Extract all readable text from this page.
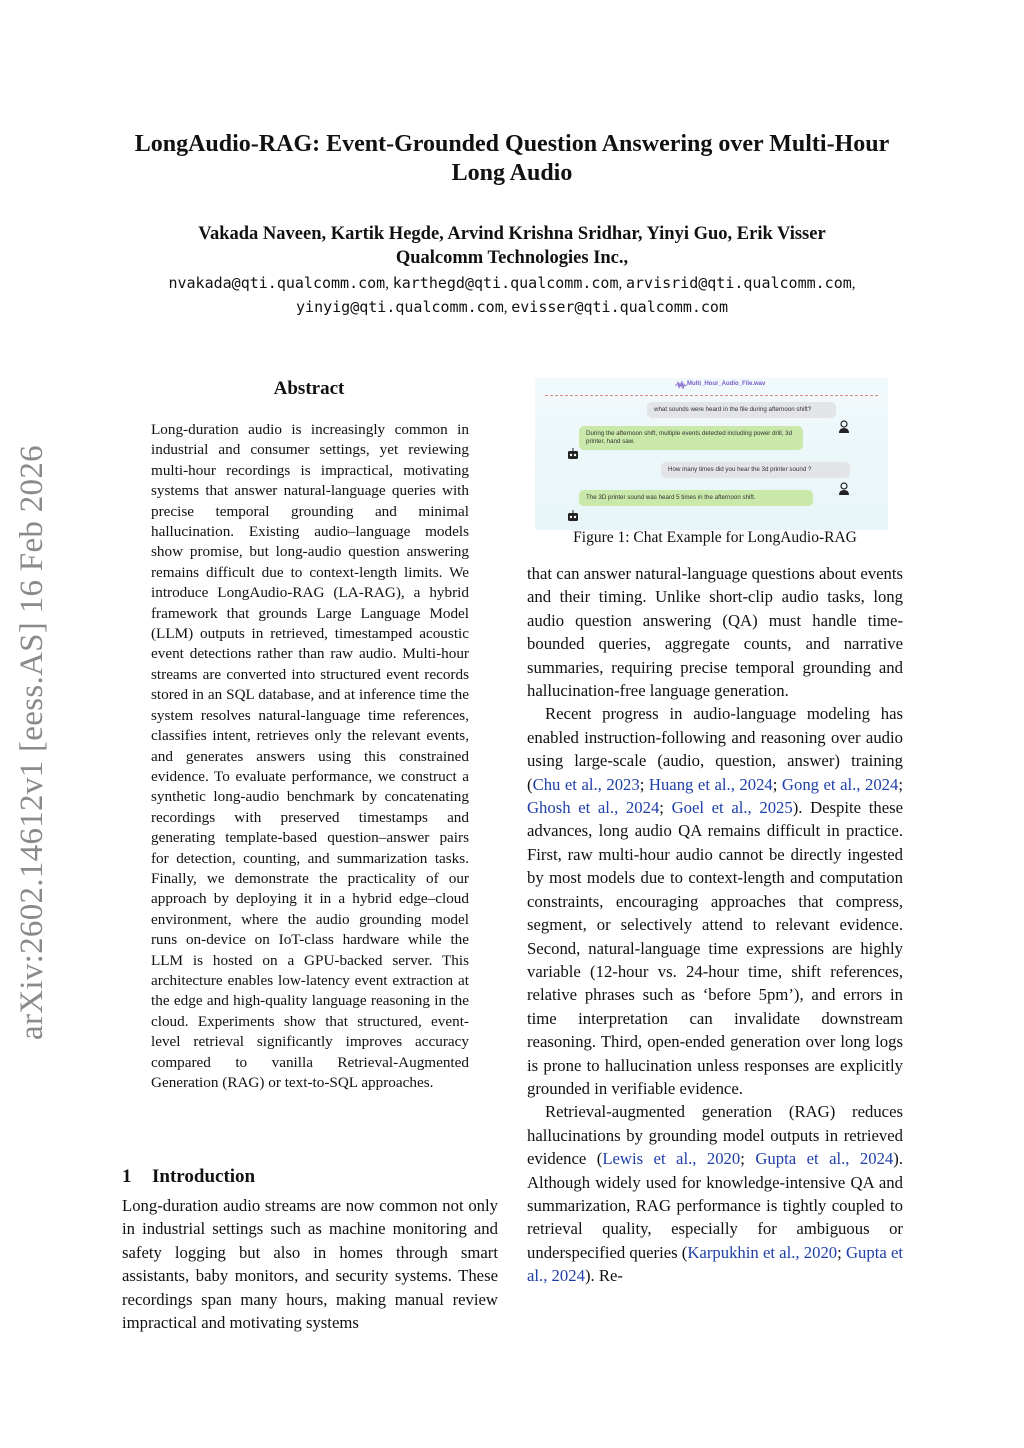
LongAudio-RAG: Event-Grounded Question Answering over Multi-Hour
Long Audio
Vakada Naveen, Kartik Hegde, Arvind Krishna Sridhar, Yinyi Guo, Erik Visser
Qualcomm Technologies Inc.,
nvakada@qti.qualcomm.com, karthegd@qti.qualcomm.com, arvisrid@qti.qualcomm.com,
yinyig@qti.qualcomm.com, evisser@qti.qualcomm.com
arXiv:2602.14612v1 [eess.AS] 16 Feb 2026
Abstract
Long-duration audio is increasingly common in industrial and consumer settings, yet reviewing multi-hour recordings is impractical, motivating systems that answer natural-language queries with precise temporal grounding and minimal hallucination. Existing audio–language models show promise, but long-audio question answering remains difficult due to context-length limits. We introduce LongAudio-RAG (LA-RAG), a hybrid framework that grounds Large Language Model (LLM) outputs in retrieved, timestamped acoustic event detections rather than raw audio. Multi-hour streams are converted into structured event records stored in an SQL database, and at inference time the system resolves natural-language time references, classifies intent, retrieves only the relevant events, and generates answers using this constrained evidence. To evaluate performance, we construct a synthetic long-audio benchmark by concatenating recordings with preserved timestamps and generating template-based question–answer pairs for detection, counting, and summarization tasks. Finally, we demonstrate the practicality of our approach by deploying it in a hybrid edge–cloud environment, where the audio grounding model runs on-device on IoT-class hardware while the LLM is hosted on a GPU-backed server. This architecture enables low-latency event extraction at the edge and high-quality language reasoning in the cloud. Experiments show that structured, event-level retrieval significantly improves accuracy compared to vanilla Retrieval-Augmented Generation (RAG) or text-to-SQL approaches.
1 Introduction
Long-duration audio streams are now common not only in industrial settings such as machine monitoring and safety logging but also in homes through smart assistants, baby monitors, and security systems. These recordings span many hours, making manual review impractical and motivating systems
Multi_Hour_Audio_File.wav
what sounds were heard in the file during afternoon shift?
During the afternoon shift, multiple events detected including power drill, 3d printer, hand saw.
How many times did you hear the 3d printer sound ?
The 3D printer sound was heard 5 times in the afternoon shift.
Figure 1: Chat Example for LongAudio-RAG

that can answer natural-language questions about events and their timing. Unlike short-clip audio tasks, long audio question answering (QA) must handle time-bounded queries, aggregate counts, and narrative summaries, requiring precise temporal grounding and hallucination-free language generation.

Recent progress in audio-language modeling has enabled instruction-following and reasoning over audio using large-scale (audio, question, answer) training (Chu et al., 2023; Huang et al., 2024; Gong et al., 2024; Ghosh et al., 2024; Goel et al., 2025). Despite these advances, long audio QA remains difficult in practice. First, raw multi-hour audio cannot be directly ingested by most models due to context-length and computation constraints, encouraging approaches that compress, segment, or selectively attend to relevant evidence. Second, natural-language time expressions are highly variable (12-hour vs. 24-hour time, shift references, relative phrases such as ‘before 5pm’), and errors in time interpretation can invalidate downstream reasoning. Third, open-ended generation over long logs is prone to hallucination unless responses are explicitly grounded in verifiable evidence.

Retrieval-augmented generation (RAG) reduces hallucinations by grounding model outputs in retrieved evidence (Lewis et al., 2020; Gupta et al., 2024). Although widely used for knowledge-intensive QA and summarization, RAG performance is tightly coupled to retrieval quality, especially for ambiguous or underspecified queries (Karpukhin et al., 2020; Gupta et al., 2024). Re-
